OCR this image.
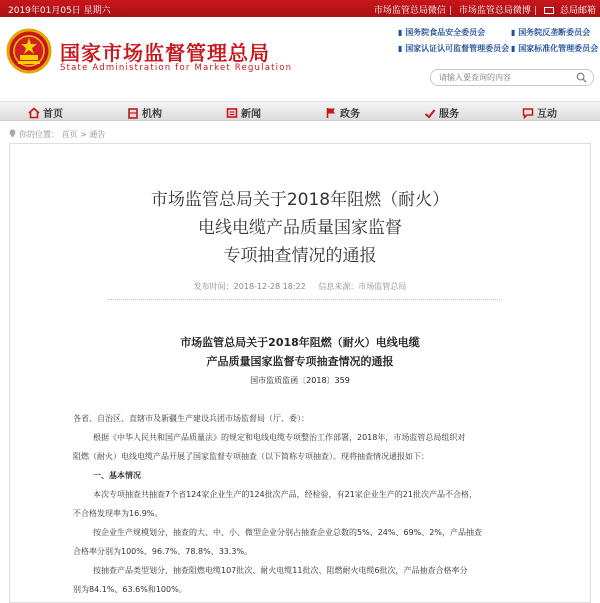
2019年01月05日 星期六	市场监管总局微信 | 市场监管总局微博 |	总局邮箱
国家市场监督管理总局
State Administration for Market Regulation
▮ 国务院食品安全委员会	▮ 国务院反垄断委员会
▮ 国家认证认可监督管理委员会 ▮ 国家标准化管理委员会
请输入要查询的内容
首页	机构	新闻	政务	服务	互动
你的位置： 首页 > 通告
市场监管总局关于2018年阻燃（耐火）
电线电缆产品质量国家监督
专项抽查情况的通报
发布时间：2018-12-28 18:22 信息来源：市场监管总局
市场监管总局关于2018年阻燃（耐火）电线电缆
产品质量国家监督专项抽查情况的通报
国市监质监函〔2018〕359

各省、自治区、直辖市及新疆生产建设兵团市场监督局（厅、委）：

根据《中华人民共和国产品质量法》的规定和电线电缆专项整治工作部署，2018年，市场监管总局组织对

阻燃（耐火）电线电缆产品开展了国家监督专项抽查（以下简称专项抽查）。现将抽查情况通报如下：

一、基本情况

本次专项抽查共抽查7个省124家企业生产的124批次产品，经检验，有21家企业生产的21批次产品不合格，

不合格发现率为16.9%。

按企业生产规模划分，抽查的大、中、小、微型企业分别占抽查企业总数的5%、24%、69%、2%，产品抽查

合格率分别为100%、96.7%、78.8%、33.3%。

按抽查产品类型划分，抽查阻燃电缆107批次、耐火电缆11批次、阻燃耐火电缆6批次，产品抽查合格率分

别为84.1%、63.6%和100%。
